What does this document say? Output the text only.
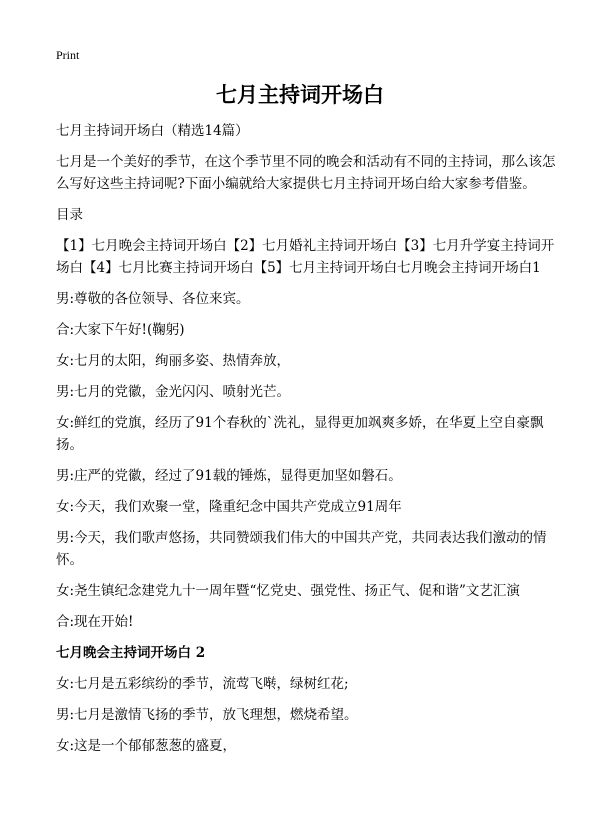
Print
七月主持词开场白

七月主持词开场白（精选14篇）

七月是一个美好的季节，在这个季节里不同的晚会和活动有不同的主持词，那么该怎么写好这些主持词呢?下面小编就给大家提供七月主持词开场白给大家参考借鉴。

目录

【1】七月晚会主持词开场白【2】七月婚礼主持词开场白【3】七月升学宴主持词开场白【4】七月比赛主持词开场白【5】七月主持词开场白七月晚会主持词开场白1

男:尊敬的各位领导、各位来宾。

合:大家下午好!(鞠躬)

女:七月的太阳，绚丽多姿、热情奔放，

男:七月的党徽，金光闪闪、喷射光芒。

女:鲜红的党旗，经历了91个春秋的`洗礼，显得更加飒爽多娇，在华夏上空自豪飘扬。

男:庄严的党徽，经过了91载的锤炼，显得更加坚如磐石。

女:今天，我们欢聚一堂，隆重纪念中国共产党成立91周年

男:今天，我们歌声悠扬，共同赞颂我们伟大的中国共产党，共同表达我们激动的情怀。

女:尧生镇纪念建党九十一周年暨“忆党史、强党性、扬正气、促和谐”文艺汇演

合:现在开始!

七月晚会主持词开场白 2

女:七月是五彩缤纷的季节，流莺飞啭，绿树红花;

男:七月是激情飞扬的季节，放飞理想，燃烧希望。

女:这是一个郁郁葱葱的盛夏，
